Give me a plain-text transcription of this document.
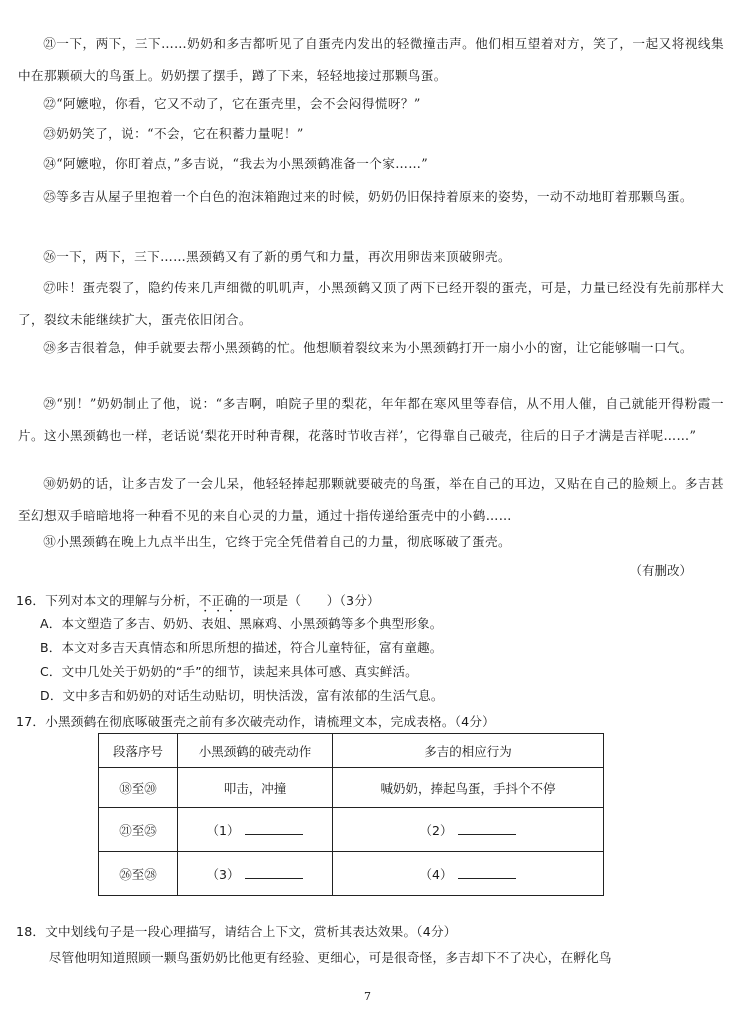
㉑一下，两下，三下……奶奶和多吉都听见了自蛋壳内发出的轻微撞击声。他们相互望着对方，笑了，一起又将视线集中在那颗硕大的鸟蛋上。奶奶摆了摆手，蹲了下来，轻轻地接过那颗鸟蛋。

㉒“阿嬷啦，你看，它又不动了，它在蛋壳里，会不会闷得慌呀？”

㉓奶奶笑了，说：“不会，它在积蓄力量呢！”

㉔“阿嬷啦，你盯着点，”多吉说，“我去为小黑颈鹤准备一个家……”

㉕等多吉从屋子里抱着一个白色的泡沫箱跑过来的时候，奶奶仍旧保持着原来的姿势，一动不动地盯着那颗鸟蛋。

㉖一下，两下，三下……黑颈鹤又有了新的勇气和力量，再次用卵齿来顶破卵壳。

㉗咔！蛋壳裂了，隐约传来几声细微的叽叽声，小黑颈鹤又顶了两下已经开裂的蛋壳，可是，力量已经没有先前那样大了，裂纹未能继续扩大，蛋壳依旧闭合。

㉘多吉很着急，伸手就要去帮小黑颈鹤的忙。他想顺着裂纹来为小黑颈鹤打开一扇小小的窗，让它能够喘一口气。

㉙“别！”奶奶制止了他，说：“多吉啊，咱院子里的梨花，年年都在寒风里等春信，从不用人催，自己就能开得粉霞一片。这小黑颈鹤也一样，老话说‘梨花开时种青稞，花落时节收吉祥’，它得靠自己破壳，往后的日子才满是吉祥呢……”

㉚奶奶的话，让多吉发了一会儿呆，他轻轻捧起那颗就要破壳的鸟蛋，举在自己的耳边，又贴在自己的脸颊上。多吉甚至幻想双手暗暗地将一种看不见的来自心灵的力量，通过十指传递给蛋壳中的小鹤……

㉛小黑颈鹤在晚上九点半出生，它终于完全凭借着自己的力量，彻底啄破了蛋壳。

（有删改）

16．下列对本文的理解与分析，不正确的一项是（　　）（3分）

A．本文塑造了多吉、奶奶、表姐、黑麻鸡、小黑颈鹤等多个典型形象。

B．本文对多吉天真情态和所思所想的描述，符合儿童特征，富有童趣。

C．文中几处关于奶奶的“手”的细节，读起来具体可感、真实鲜活。

D．文中多吉和奶奶的对话生动贴切，明快活泼，富有浓郁的生活气息。

17．小黑颈鹤在彻底啄破蛋壳之前有多次破壳动作，请梳理文本，完成表格。（4分）

段落序号	小黑颈鹤的破壳动作	多吉的相应行为
⑱至⑳	叩击，冲撞	喊奶奶，捧起鸟蛋，手抖个不停
㉑至㉕	（1）	（2）
㉖至㉘	（3）	（4）

18．文中划线句子是一段心理描写，请结合上下文，赏析其表达效果。（4分）

尽管他明知道照顾一颗鸟蛋奶奶比他更有经验、更细心，可是很奇怪，多吉却下不了决心，在孵化鸟

7
